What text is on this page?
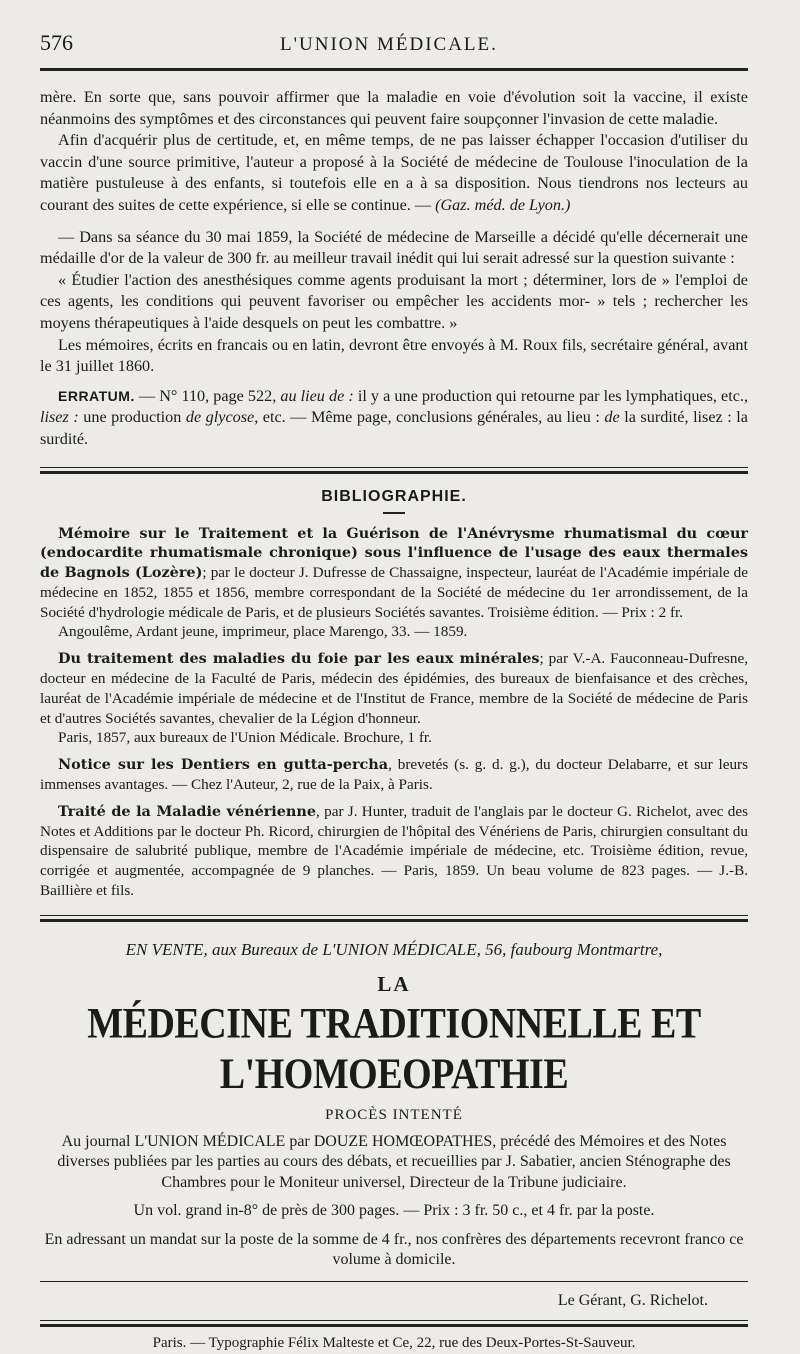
576	L'UNION MÉDICALE.

mère. En sorte que, sans pouvoir affirmer que la maladie en voie d'évolution soit la vaccine, il existe néanmoins des symptômes et des circonstances qui peuvent faire soupçonner l'invasion de cette maladie.

Afin d'acquérir plus de certitude, et, en même temps, de ne pas laisser échapper l'occasion d'utiliser du vaccin d'une source primitive, l'auteur a proposé à la Société de médecine de Toulouse l'inoculation de la matière pustuleuse à des enfants, si toutefois elle en a à sa disposition. Nous tiendrons nos lecteurs au courant des suites de cette expérience, si elle se continue. — (Gaz. méd. de Lyon.)

— Dans sa séance du 30 mai 1859, la Société de médecine de Marseille a décidé qu'elle décernerait une médaille d'or de la valeur de 300 fr. au meilleur travail inédit qui lui serait adressé sur la question suivante :

« Étudier l'action des anesthésiques comme agents produisant la mort ; déterminer, lors de » l'emploi de ces agents, les conditions qui peuvent favoriser ou empêcher les accidents mor- » tels ; rechercher les moyens thérapeutiques à l'aide desquels on peut les combattre. »

Les mémoires, écrits en francais ou en latin, devront être envoyés à M. Roux fils, secrétaire général, avant le 31 juillet 1860.

ERRATUM. — N° 110, page 522, au lieu de : il y a une production qui retourne par les lymphatiques, etc., lisez : une production de glycose, etc. — Même page, conclusions générales, au lieu : de la surdité, lisez : la surdité.

BIBLIOGRAPHIE.
Mémoire sur le Traitement et la Guérison de l'Anévrysme rhumatismal du cœur (endocardite rhumatismale chronique) sous l'influence de l'usage des eaux thermales de Bagnols (Lozère); par le docteur J. Dufresse de Chassaigne, inspecteur, lauréat de l'Académie impériale de médecine en 1852, 1855 et 1856, membre correspondant de la Société de médecine du 1er arrondissement, de la Société d'hydrologie médicale de Paris, et de plusieurs Sociétés savantes. Troisième édition. — Prix : 2 fr.
Angoulême, Ardant jeune, imprimeur, place Marengo, 33. — 1859.
Du traitement des maladies du foie par les eaux minérales; par V.-A. Fauconneau-Dufresne, docteur en médecine de la Faculté de Paris, médecin des épidémies, des bureaux de bienfaisance et des crèches, lauréat de l'Académie impériale de médecine et de l'Institut de France, membre de la Société de médecine de Paris et d'autres Sociétés savantes, chevalier de la Légion d'honneur.
Paris, 1857, aux bureaux de l'Union Médicale. Brochure, 1 fr.
Notice sur les Dentiers en gutta-percha, brevetés (s. g. d. g.), du docteur Delabarre, et sur leurs immenses avantages. — Chez l'Auteur, 2, rue de la Paix, à Paris.
Traité de la Maladie vénérienne, par J. Hunter, traduit de l'anglais par le docteur G. Richelot, avec des Notes et Additions par le docteur Ph. Ricord, chirurgien de l'hôpital des Vénériens de Paris, chirurgien consultant du dispensaire de salubrité publique, membre de l'Académie impériale de médecine, etc. Troisième édition, revue, corrigée et augmentée, accompagnée de 9 planches. — Paris, 1859. Un beau volume de 823 pages. — J.-B. Baillière et fils.
EN VENTE, aux Bureaux de L'UNION MÉDICALE, 56, faubourg Montmartre,
LA
MÉDECINE TRADITIONNELLE ET L'HOMOEOPATHIE
PROCÈS INTENTÉ

Au journal L'UNION MÉDICALE par DOUZE HOMŒOPATHES, précédé des Mémoires et des Notes diverses publiées par les parties au cours des débats, et recueillies par J. Sabatier, ancien Sténographe des Chambres pour le Moniteur universel, Directeur de la Tribune judiciaire.

Un vol. grand in-8° de près de 300 pages. — Prix : 3 fr. 50 c., et 4 fr. par la poste.

En adressant un mandat sur la poste de la somme de 4 fr., nos confrères des départements recevront franco ce volume à domicile.

Le Gérant, G. Richelot.
Paris. — Typographie Félix Malteste et Ce, 22, rue des Deux-Portes-St-Sauveur.
